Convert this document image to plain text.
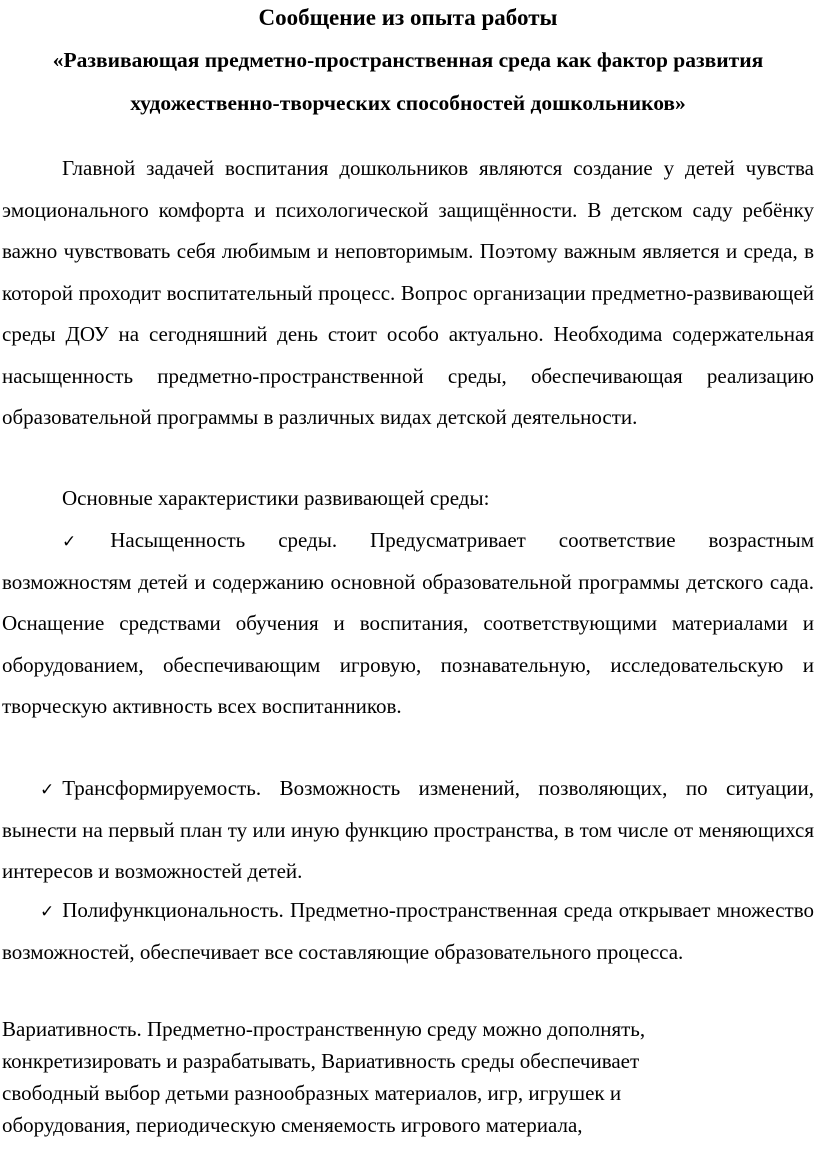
Сообщение из опыта работы
«Развивающая предметно-пространственная среда как фактор развития
художественно-творческих способностей дошкольников»

Главной задачей воспитания дошкольников являются создание у детей чувства эмоционального комфорта и психологической защищённости. В детском саду ребёнку важно чувствовать себя любимым и неповторимым. Поэтому важным является и среда, в которой проходит воспитательный процесс. Вопрос организации предметно-развивающей среды ДОУ на сегодняшний день стоит особо актуально. Необходима содержательная насыщенность предметно-пространственной среды, обеспечивающая реализацию образовательной программы в различных видах детской деятельности.

Основные характеристики развивающей среды:

✓ Насыщенность среды. Предусматривает соответствие возрастным возможностям детей и содержанию основной образовательной программы детского сада. Оснащение средствами обучения и воспитания, соответствующими материалами и оборудованием, обеспечивающим игровую, познавательную, исследовательскую и творческую активность всех воспитанников.

✓ Трансформируемость. Возможность изменений, позволяющих, по ситуации, вынести на первый план ту или иную функцию пространства, в том числе от меняющихся интересов и возможностей детей.

✓ Полифункциональность. Предметно-пространственная среда открывает множество возможностей, обеспечивает все составляющие образовательного процесса.

Вариативность. Предметно-пространственную среду можно дополнять,
конкретизировать и разрабатывать, Вариативность среды обеспечивает
свободный выбор детьми разнообразных материалов, игр, игрушек и
оборудования, периодическую сменяемость игрового материала,
